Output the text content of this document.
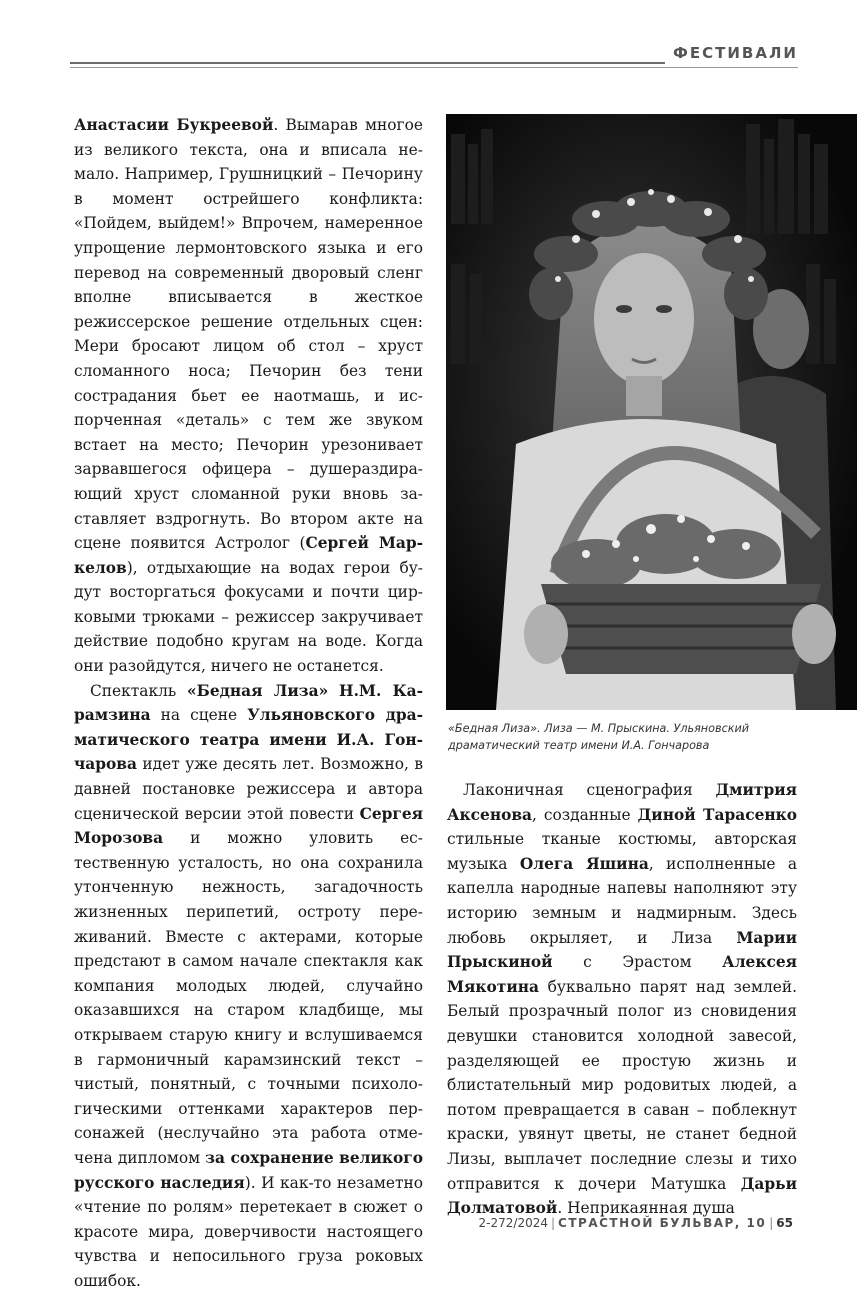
ФЕСТИВАЛИ

Анастасии Букреевой. Вымарав многое из великого текста, она и вписала немало. Например, Грушницкий – Печорину в момент острейшего конфликта: «Пойдем, выйдем!» Впрочем, намеренное упрощение лермонтовского языка и его перевод на современный дворовый сленг вполне вписывается в жесткое режиссерское решение отдельных сцен: Мери бросают лицом об стол – хруст сломанного носа; Печорин без тени сострадания бьет ее наотмашь, и испорченная «деталь» с тем же звуком встает на место; Печорин урезонивает зарвавшегося офицера – душераздирающий хруст сломанной руки вновь заставляет вздрогнуть. Во втором акте на сцене появится Астролог (Сергей Маркелов), отдыхающие на водах герои будут восторгаться фокусами и почти цирковыми трюками – режиссер закручивает действие подобно кругам на воде. Когда они разойдутся, ничего не останется.

Спектакль «Бедная Лиза» Н.М. Карамзина на сцене Ульяновского драматического театра имени И.А. Гончарова идет уже десять лет. Возможно, в давней постановке режиссера и автора сценической версии этой повести Сергея Морозова и можно уловить естественную усталость, но она сохранила утонченную нежность, загадочность жизненных перипетий, остроту переживаний. Вместе с актерами, которые предстают в самом начале спектакля как компания молодых людей, случайно оказавшихся на старом кладбище, мы открываем старую книгу и вслушиваемся в гармоничный карамзинский текст – чистый, понятный, с точными психологическими оттенками характеров персонажей (неслучайно эта работа отмечена дипломом за сохранение великого русского наследия). И как-то незаметно «чтение по ролям» перетекает в сюжет о красоте мира, доверчивости настоящего чувства и непосильного груза роковых ошибок.

«Бедная Лиза». Лиза — М. Прыскина. Ульяновский
драматический театр имени И.А. Гончарова

Лаконичная сценография Дмитрия Аксенова, созданные Диной Тарасенко стильные тканые костюмы, авторская музыка Олега Яшина, исполненные а капелла народные напевы наполняют эту историю земным и надмирным. Здесь любовь окрыляет, и Лиза Марии Прыскиной с Эрастом Алексея Мякотина буквально парят над землей. Белый прозрачный полог из сновидения девушки становится холодной завесой, разделяющей ее простую жизнь и блистательный мир родовитых людей, а потом превращается в саван – поблекнут краски, увянут цветы, не станет бедной Лизы, выплачет последние слезы и тихо отправится к дочери Матушка Дарьи Долматовой. Неприкаянная душа

2-272/2024 | СТРАСТНОЙ БУЛЬВАР, 10 | 65
